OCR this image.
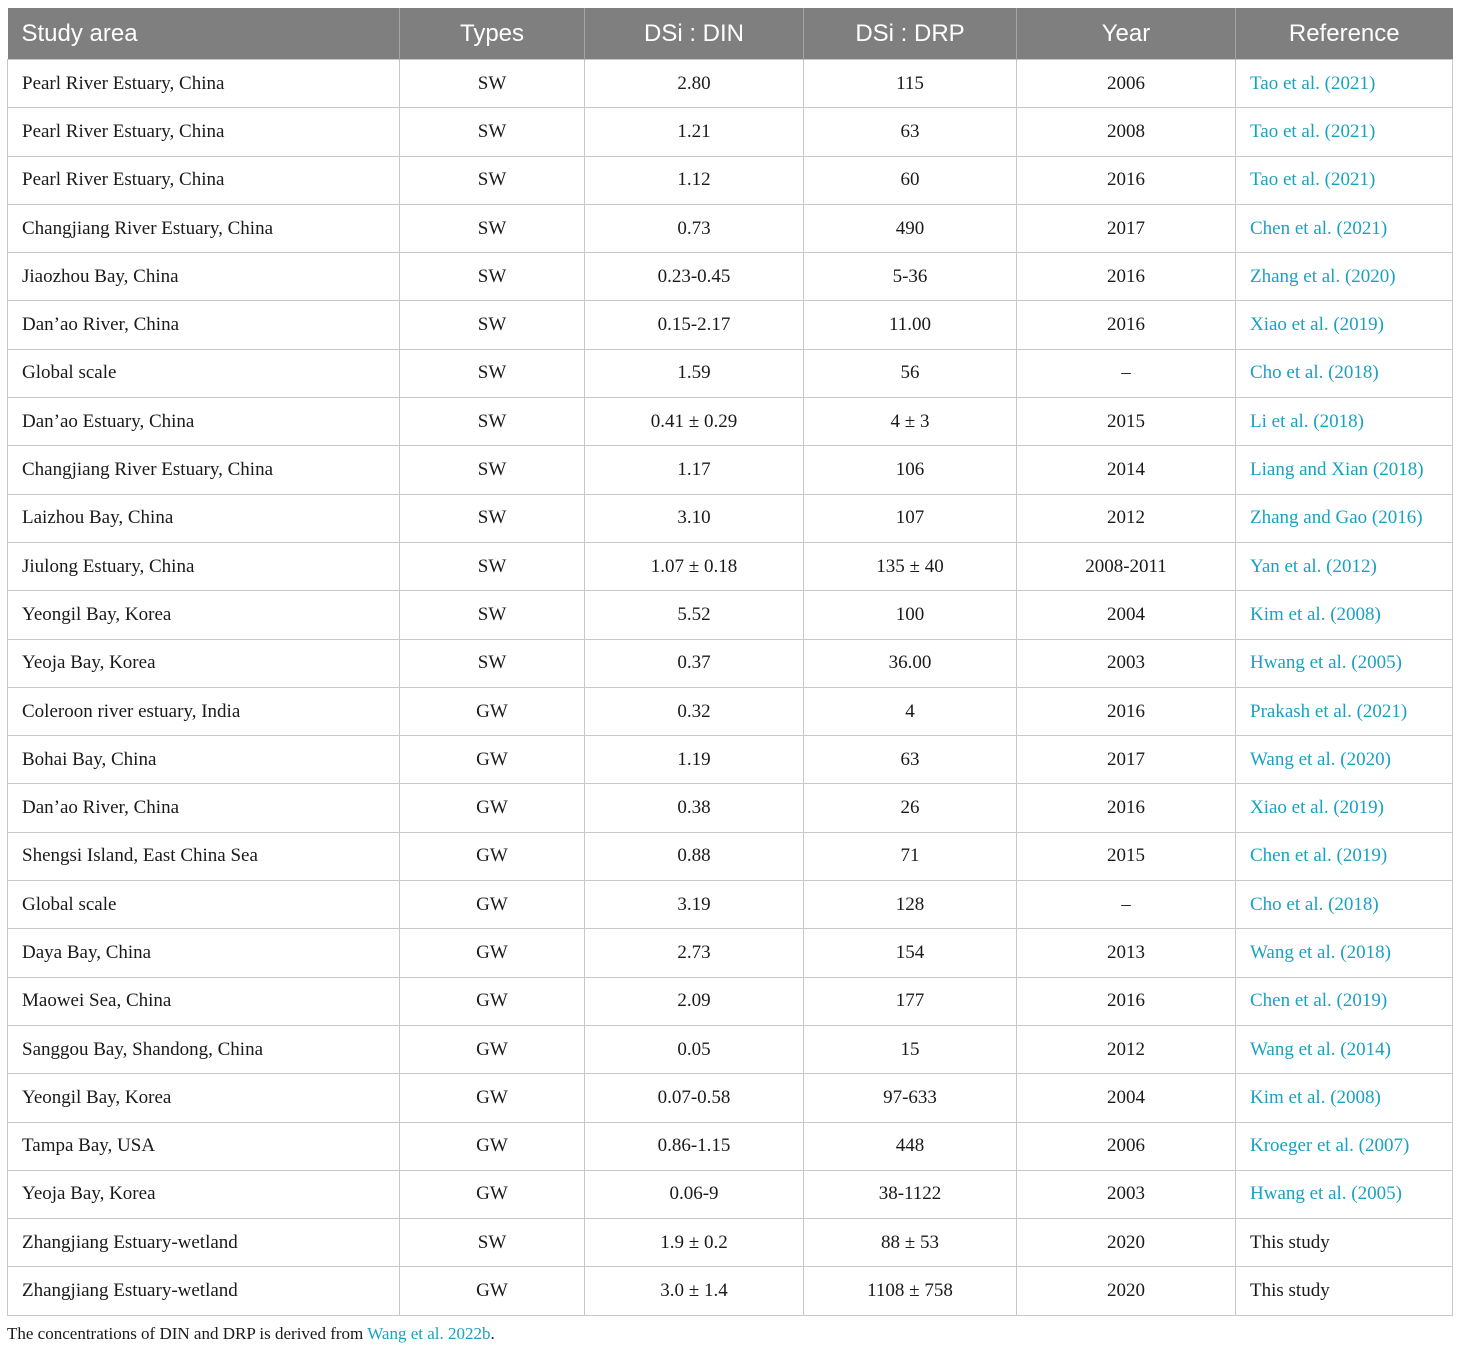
Study area	Types	DSi : DIN	DSi : DRP	Year	Reference
Pearl River Estuary, China	SW	2.80	115	2006	Tao et al. (2021)
Pearl River Estuary, China	SW	1.21	63	2008	Tao et al. (2021)
Pearl River Estuary, China	SW	1.12	60	2016	Tao et al. (2021)
Changjiang River Estuary, China	SW	0.73	490	2017	Chen et al. (2021)
Jiaozhou Bay, China	SW	0.23-0.45	5-36	2016	Zhang et al. (2020)
Dan’ao River, China	SW	0.15-2.17	11.00	2016	Xiao et al. (2019)
Global scale	SW	1.59	56	–	Cho et al. (2018)
Dan’ao Estuary, China	SW	0.41 ± 0.29	4 ± 3	2015	Li et al. (2018)
Changjiang River Estuary, China	SW	1.17	106	2014	Liang and Xian (2018)
Laizhou Bay, China	SW	3.10	107	2012	Zhang and Gao (2016)
Jiulong Estuary, China	SW	1.07 ± 0.18	135 ± 40	2008-2011	Yan et al. (2012)
Yeongil Bay, Korea	SW	5.52	100	2004	Kim et al. (2008)
Yeoja Bay, Korea	SW	0.37	36.00	2003	Hwang et al. (2005)
Coleroon river estuary, India	GW	0.32	4	2016	Prakash et al. (2021)
Bohai Bay, China	GW	1.19	63	2017	Wang et al. (2020)
Dan’ao River, China	GW	0.38	26	2016	Xiao et al. (2019)
Shengsi Island, East China Sea	GW	0.88	71	2015	Chen et al. (2019)
Global scale	GW	3.19	128	–	Cho et al. (2018)
Daya Bay, China	GW	2.73	154	2013	Wang et al. (2018)
Maowei Sea, China	GW	2.09	177	2016	Chen et al. (2019)
Sanggou Bay, Shandong, China	GW	0.05	15	2012	Wang et al. (2014)
Yeongil Bay, Korea	GW	0.07-0.58	97-633	2004	Kim et al. (2008)
Tampa Bay, USA	GW	0.86-1.15	448	2006	Kroeger et al. (2007)
Yeoja Bay, Korea	GW	0.06-9	38-1122	2003	Hwang et al. (2005)
Zhangjiang Estuary-wetland	SW	1.9 ± 0.2	88 ± 53	2020	This study
Zhangjiang Estuary-wetland	GW	3.0 ± 1.4	1108 ± 758	2020	This study
The concentrations of DIN and DRP is derived from Wang et al. 2022b.
